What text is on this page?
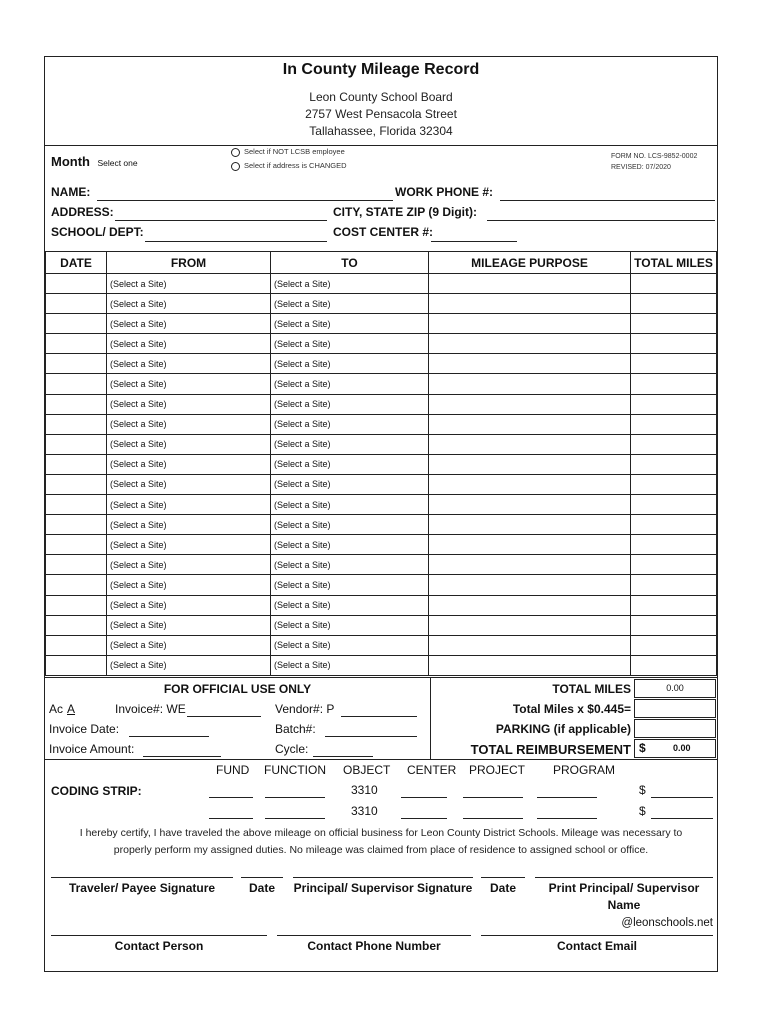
In County Mileage Record
Leon County School Board
2757 West Pensacola Street
Tallahassee, Florida 32304
Month Select one
Select if NOT LCSB employee
Select if address is CHANGED
FORM NO. LCS-9852-0002
REVISED: 07/2020
NAME:	WORK PHONE #:
ADDRESS:	CITY, STATE ZIP (9 Digit):
SCHOOL/ DEPT:	COST CENTER #:
DATE	FROM	TO	MILEAGE PURPOSE	TOTAL MILES
	(Select a Site)	(Select a Site)		
	(Select a Site)	(Select a Site)		
	(Select a Site)	(Select a Site)		
	(Select a Site)	(Select a Site)		
	(Select a Site)	(Select a Site)		
	(Select a Site)	(Select a Site)		
	(Select a Site)	(Select a Site)		
	(Select a Site)	(Select a Site)		
	(Select a Site)	(Select a Site)		
	(Select a Site)	(Select a Site)		
	(Select a Site)	(Select a Site)		
	(Select a Site)	(Select a Site)		
	(Select a Site)	(Select a Site)		
	(Select a Site)	(Select a Site)		
	(Select a Site)	(Select a Site)		
	(Select a Site)	(Select a Site)		
	(Select a Site)	(Select a Site)		
	(Select a Site)	(Select a Site)		
	(Select a Site)	(Select a Site)		
	(Select a Site)	(Select a Site)		
FOR OFFICIAL USE ONLY
Ac A	Invoice#: WE	Vendor#: P
Invoice Date:	Batch#:
Invoice Amount:	Cycle:
TOTAL MILES	0.00
Total Miles x $0.445=
PARKING (if applicable)
TOTAL REIMBURSEMENT $	0.00
FUND FUNCTION OBJECT CENTER PROJECT PROGRAM
CODING STRIP:	3310	$
3310	$
I hereby certify, I have traveled the above mileage on official business for Leon County District Schools. Mileage was necessary to
properly perform my assigned duties. No mileage was claimed from place of residence to assigned school or office.
Traveler/ Payee Signature	Date	Principal/ Supervisor Signature	Date	Print Principal/ Supervisor
Name
@leonschools.net
Contact Person	Contact Phone Number	Contact Email
